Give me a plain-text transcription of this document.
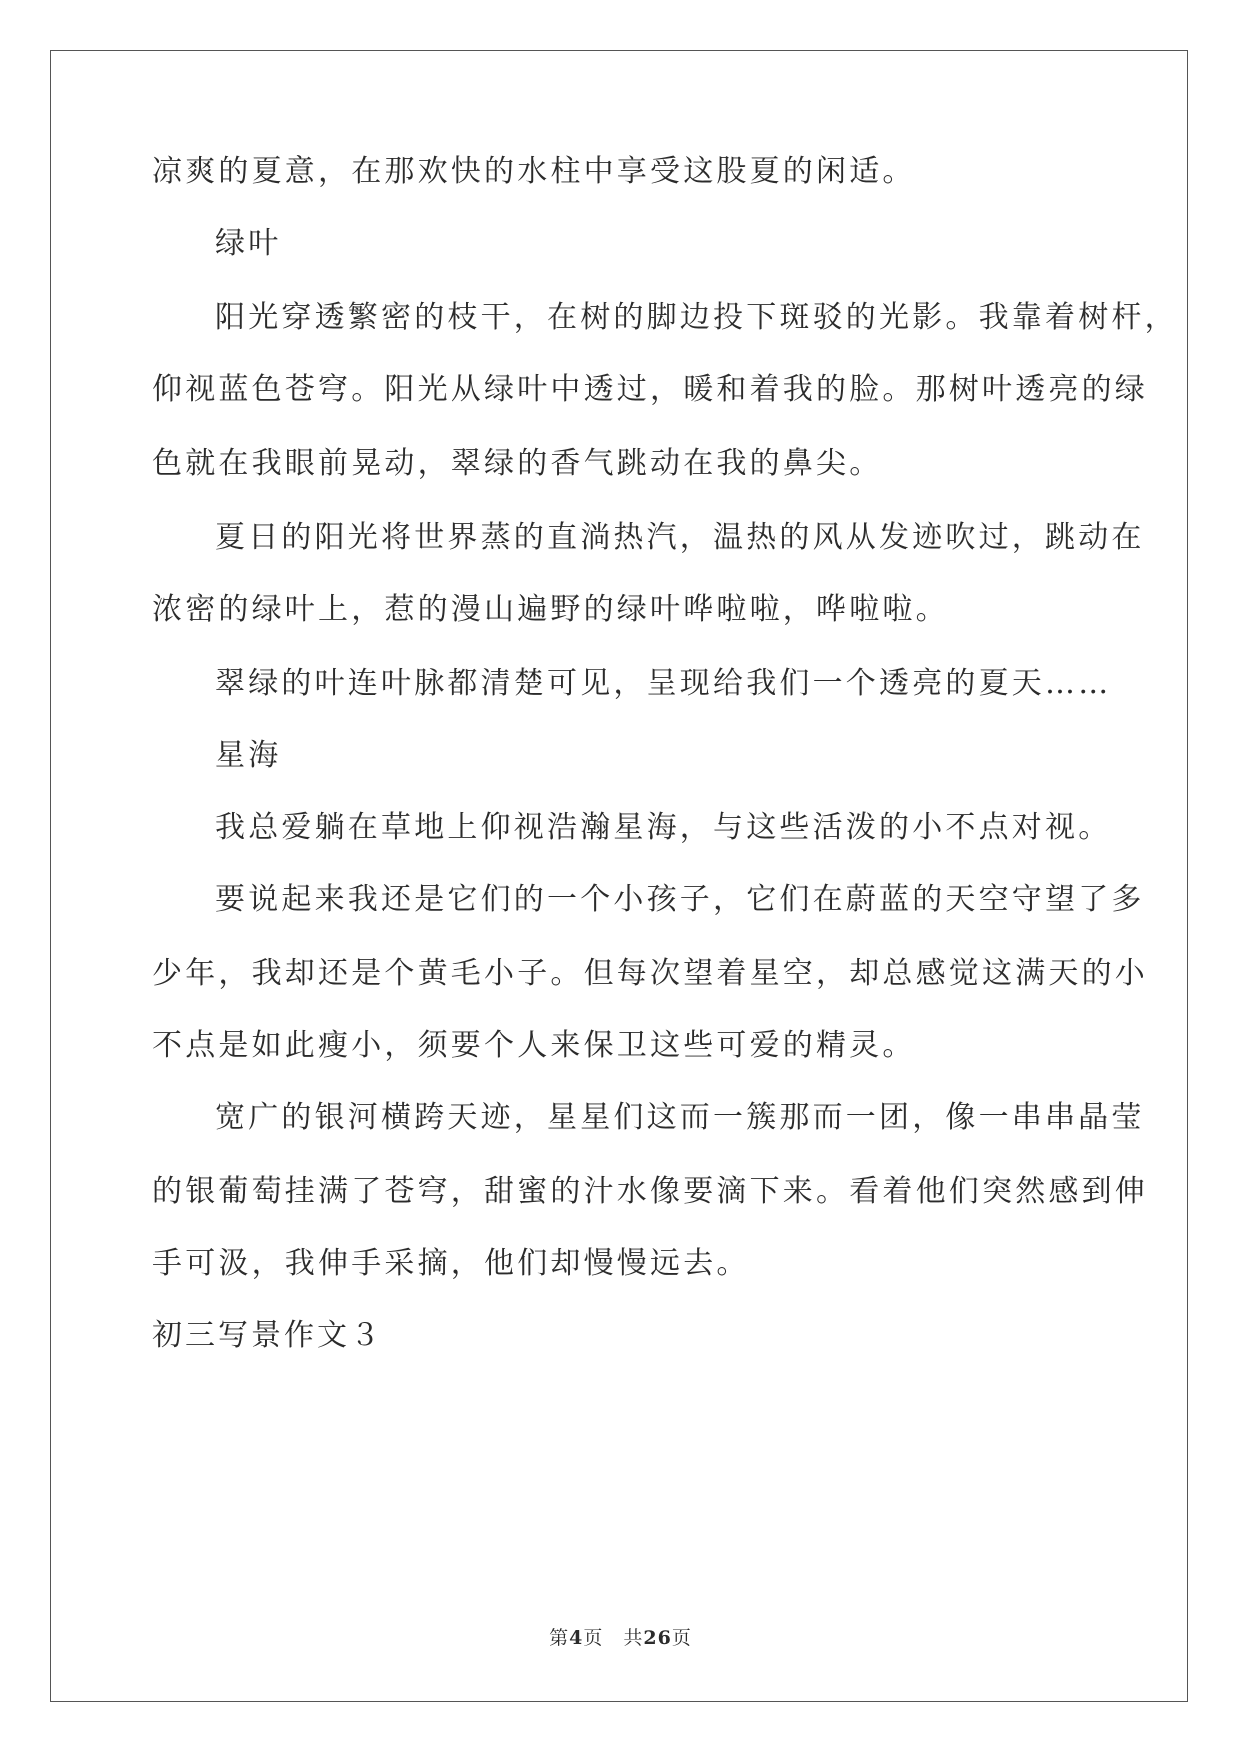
凉爽的夏意，在那欢快的水柱中享受这股夏的闲适。
绿叶
阳光穿透繁密的枝干，在树的脚边投下斑驳的光影。我靠着树杆，
仰视蓝色苍穹。阳光从绿叶中透过，暖和着我的脸。那树叶透亮的绿
色就在我眼前晃动，翠绿的香气跳动在我的鼻尖。
夏日的阳光将世界蒸的直淌热汽，温热的风从发迹吹过，跳动在
浓密的绿叶上，惹的漫山遍野的绿叶哗啦啦，哗啦啦。
翠绿的叶连叶脉都清楚可见，呈现给我们一个透亮的夏天……
星海
我总爱躺在草地上仰视浩瀚星海，与这些活泼的小不点对视。
要说起来我还是它们的一个小孩子，它们在蔚蓝的天空守望了多
少年，我却还是个黄毛小子。但每次望着星空，却总感觉这满天的小
不点是如此瘦小，须要个人来保卫这些可爱的精灵。
宽广的银河横跨天迹，星星们这而一簇那而一团，像一串串晶莹
的银葡萄挂满了苍穹，甜蜜的汁水像要滴下来。看着他们突然感到伸
手可汲，我伸手采摘，他们却慢慢远去。
初三写景作文３
第4页 共26页
